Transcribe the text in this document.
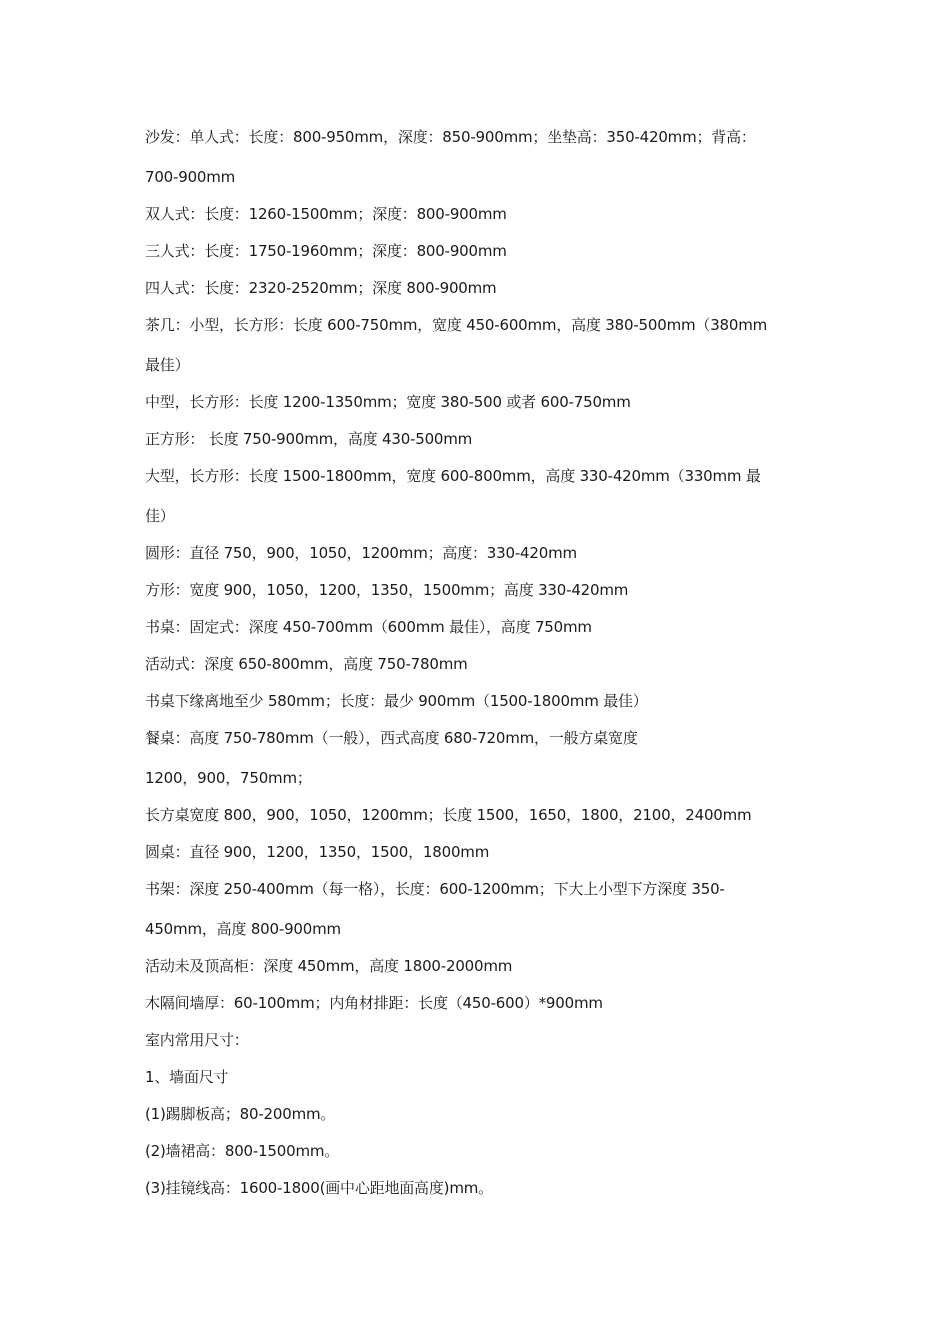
沙发：单人式：长度：800-950mm，深度：850-900mm；坐垫高：350-420mm；背高：
700-900mm
双人式：长度：1260-1500mm；深度：800-900mm
三人式：长度：1750-1960mm；深度：800-900mm
四人式：长度：2320-2520mm；深度 800-900mm
茶几：小型，长方形：长度 600-750mm，宽度 450-600mm，高度 380-500mm（380mm
最佳）
中型，长方形：长度 1200-1350mm；宽度 380-500 或者 600-750mm
正方形： 长度 750-900mm，高度 430-500mm
大型，长方形：长度 1500-1800mm，宽度 600-800mm，高度 330-420mm（330mm 最
佳）
圆形：直径 750，900，1050，1200mm；高度：330-420mm
方形：宽度 900，1050，1200，1350，1500mm；高度 330-420mm
书桌：固定式：深度 450-700mm（600mm 最佳），高度 750mm
活动式：深度 650-800mm，高度 750-780mm
书桌下缘离地至少 580mm；长度：最少 900mm（1500-1800mm 最佳）
餐桌：高度 750-780mm（一般），西式高度 680-720mm，一般方桌宽度
1200，900，750mm；
长方桌宽度 800，900，1050，1200mm；长度 1500，1650，1800，2100，2400mm
圆桌：直径 900，1200，1350，1500，1800mm
书架：深度 250-400mm（每一格），长度：600-1200mm；下大上小型下方深度 350-
450mm，高度 800-900mm
活动未及顶高柜：深度 450mm，高度 1800-2000mm
木隔间墙厚：60-100mm；内角材排距：长度（450-600）*900mm
室内常用尺寸：
1、墙面尺寸
(1)踢脚板高；80-200mm。
(2)墙裙高：800-1500mm。
(3)挂镜线高：1600-1800(画中心距地面高度)mm。
